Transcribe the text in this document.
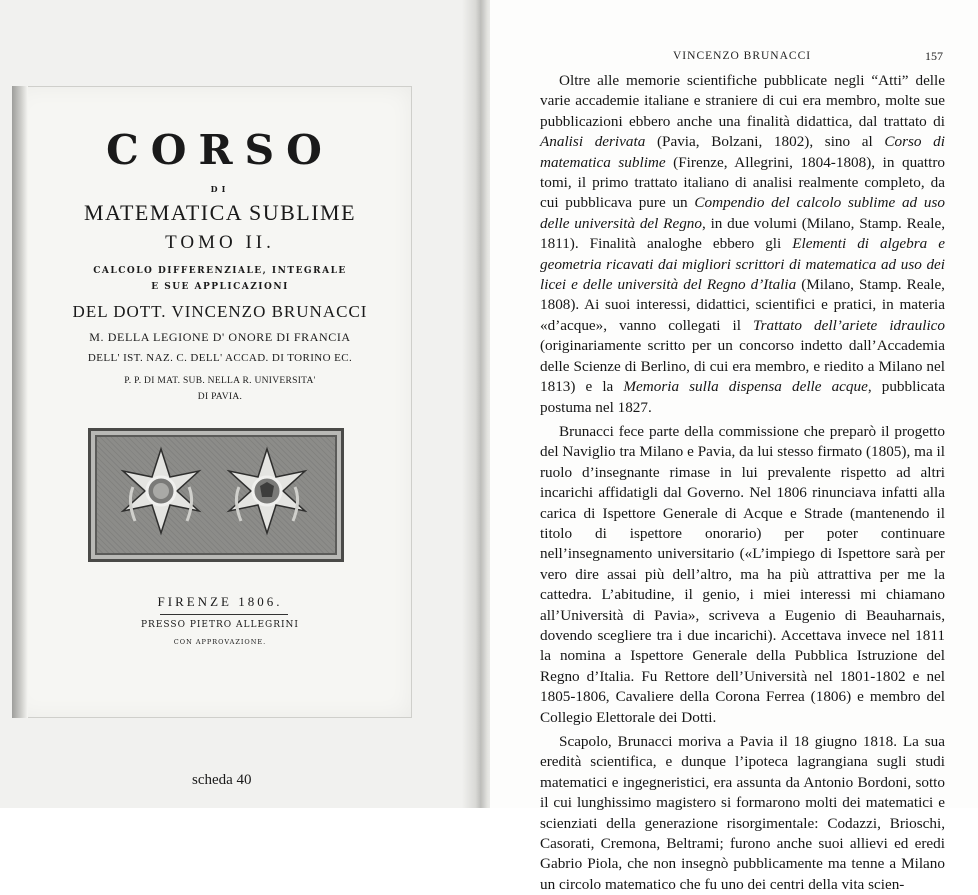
CORSO
DI
MATEMATICA SUBLIME
TOMO II.
CALCOLO DIFFERENZIALE, INTEGRALE
E SUE APPLICAZIONI
DEL DOTT. VINCENZO BRUNACCI
M. DELLA LEGIONE D' ONORE DI FRANCIA
DELL' IST. NAZ. C. DELL' ACCAD. DI TORINO EC.
P. P. DI MAT. SUB. NELLA R. UNIVERSITA'
DI PAVIA.
FIRENZE 1806.
PRESSO PIETRO ALLEGRINI
CON APPROVAZIONE.
scheda 40
VINCENZO BRUNACCI	157

Oltre alle memorie scientifiche pubblicate negli “Atti” delle varie accademie italiane e straniere di cui era membro, molte sue pubblicazioni ebbero anche una finalità didattica, dal trattato di Analisi derivata (Pavia, Bolzani, 1802), sino al Corso di matematica sublime (Firenze, Allegrini, 1804-1808), in quattro tomi, il primo trattato italiano di analisi realmente completo, da cui pubblicava pure un Compendio del calcolo sublime ad uso delle università del Regno, in due volumi (Milano, Stamp. Reale, 1811). Finalità analoghe ebbero gli Elementi di algebra e geometria ricavati dai migliori scrittori di matematica ad uso dei licei e delle università del Regno d’Italia (Milano, Stamp. Reale, 1808). Ai suoi interessi, didattici, scientifici e pratici, in materia «d’acque», vanno collegati il Trattato dell’ariete idraulico (originariamente scritto per un concorso indetto dall’Accademia delle Scienze di Berlino, di cui era membro, e riedito a Milano nel 1813) e la Memoria sulla dispensa delle acque, pubblicata postuma nel 1827.

Brunacci fece parte della commissione che preparò il progetto del Naviglio tra Milano e Pavia, da lui stesso firmato (1805), ma il ruolo d’insegnante rimase in lui prevalente rispetto ad altri incarichi affidatigli dal Governo. Nel 1806 rinunciava infatti alla carica di Ispettore Generale di Acque e Strade (mantenendo il titolo di ispettore onorario) per poter continuare nell’insegnamento universitario («L’impiego di Ispettore sarà per vero dire assai più dell’altro, ma ha più attrattiva per me la cattedra. L’abitudine, il genio, i miei interessi mi chiamano all’Università di Pavia», scriveva a Eugenio di Beauharnais, dovendo scegliere tra i due incarichi). Accettava invece nel 1811 la nomina a Ispettore Generale della Pubblica Istruzione del Regno d’Italia. Fu Rettore dell’Università nel 1801-1802 e nel 1805-1806, Cavaliere della Corona Ferrea (1806) e membro del Collegio Elettorale dei Dotti.

Scapolo, Brunacci moriva a Pavia il 18 giugno 1818. La sua eredità scientifica, e dunque l’ipoteca lagrangiana sugli studi matematici e ingegneristici, era assunta da Antonio Bordoni, sotto il cui lunghissimo magistero si formarono molti dei matematici e scienziati della generazione risorgimentale: Codazzi, Brioschi, Casorati, Cremona, Beltrami; furono anche suoi allievi ed eredi Gabrio Piola, che non insegnò pubblicamente ma tenne a Milano un circolo matematico che fu uno dei centri della vita scien-
